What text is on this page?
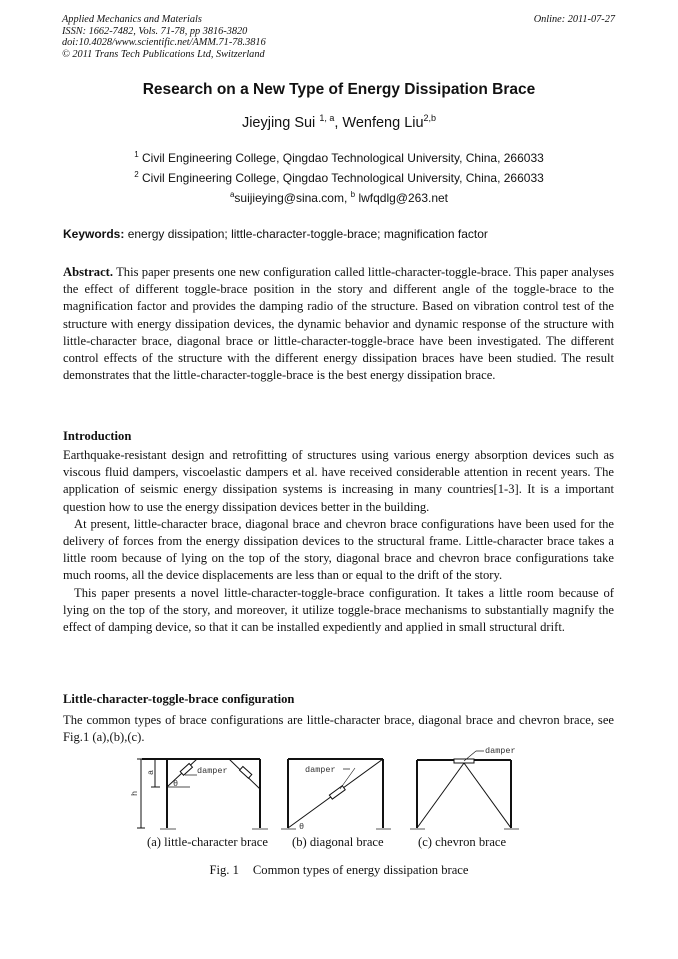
Applied Mechanics and Materials
ISSN: 1662-7482, Vols. 71-78, pp 3816-3820
doi:10.4028/www.scientific.net/AMM.71-78.3816
© 2011 Trans Tech Publications Ltd, Switzerland
Online: 2011-07-27
Research on a New Type of Energy Dissipation Brace
Jieyjing Sui $^{1, a}$, Wenfeng Liu$^{2,b}$
$^1$ Civil Engineering College, Qingdao Technological University, China, 266033
$^2$ Civil Engineering College, Qingdao Technological University, China, 266033
$^a$suijieying@sina.com, $^b$ lwfqdlg@263.net
Keywords: energy dissipation; little-character-toggle-brace; magnification factor

Abstract. This paper presents one new configuration called little-character-toggle-brace. This paper analyses the effect of different toggle-brace position in the story and different angle of the toggle-brace to the magnification factor and provides the damping radio of the structure. Based on vibration control test of the structure with energy dissipation devices, the dynamic behavior and dynamic response of the structure with little-character brace, diagonal brace or little-character-toggle-brace have been investigated. The different control effects of the structure with the different energy dissipation braces have been studied. The result demonstrates that the little-character-toggle-brace is the best energy dissipation brace.

Introduction

Earthquake-resistant design and retrofitting of structures using various energy absorption devices such as viscous fluid dampers, viscoelastic dampers et al. have received considerable attention in recent years. The application of seismic energy dissipation systems is increasing in many countries[1-3]. It is a important question how to use the energy dissipation devices better in the building.

At present, little-character brace, diagonal brace and chevron brace configurations have been used for the delivery of forces from the energy dissipation devices to the structural frame. Little-character brace takes a little room because of lying on the top of the story, diagonal brace and chevron brace configurations take much rooms, all the device displacements are less than or equal to the drift of the story.

This paper presents a novel little-character-toggle-brace configuration. It takes a little room because of lying on the top of the story, and moreover, it utilize toggle-brace mechanisms to substantially magnify the effect of damping device, so that it can be installed expediently and applied in small structural drift.

Little-character-toggle-brace configuration

The common types of brace configurations are little-character brace, diagonal brace and chevron brace, see Fig.1 (a),(b),(c).

damper	damper
damper
θ
θ
a
h
(a) little-character brace (b) diagonal brace	(c) chevron brace
Fig. 1 Common types of energy dissipation brace
